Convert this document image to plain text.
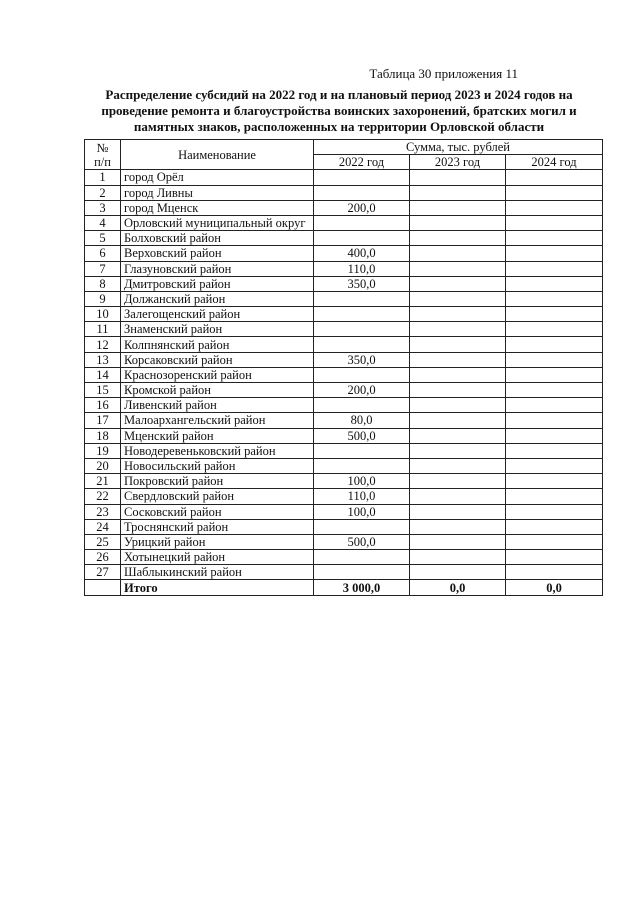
Таблица 30 приложения 11
Распределение субсидий на 2022 год и на плановый период 2023 и 2024 годов на проведение ремонта и благоустройства воинских захоронений, братских могил и памятных знаков, расположенных на территории Орловской области
№
п/п	Наименование	Сумма, тыс. рублей		
		2022 год	2023 год	2024 год
1	город Орёл			
2	город Ливны			
3	город Мценск	200,0		
4	Орловский муниципальный округ			
5	Болховский район			
6	Верховский район	400,0		
7	Глазуновский район	110,0		
8	Дмитровский район	350,0		
9	Должанский район			
10	Залегощенский район			
11	Знаменский район			
12	Колпнянский район			
13	Корсаковский район	350,0		
14	Краснозоренский район			
15	Кромской район	200,0		
16	Ливенский район			
17	Малоархангельский район	80,0		
18	Мценский район	500,0		
19	Новодеревеньковский район			
20	Новосильский район			
21	Покровский район	100,0		
22	Свердловский район	110,0		
23	Сосковский район	100,0		
24	Троснянский район			
25	Урицкий район	500,0		
26	Хотынецкий район			
27	Шаблыкинский район			
	Итого	3 000,0	0,0	0,0
